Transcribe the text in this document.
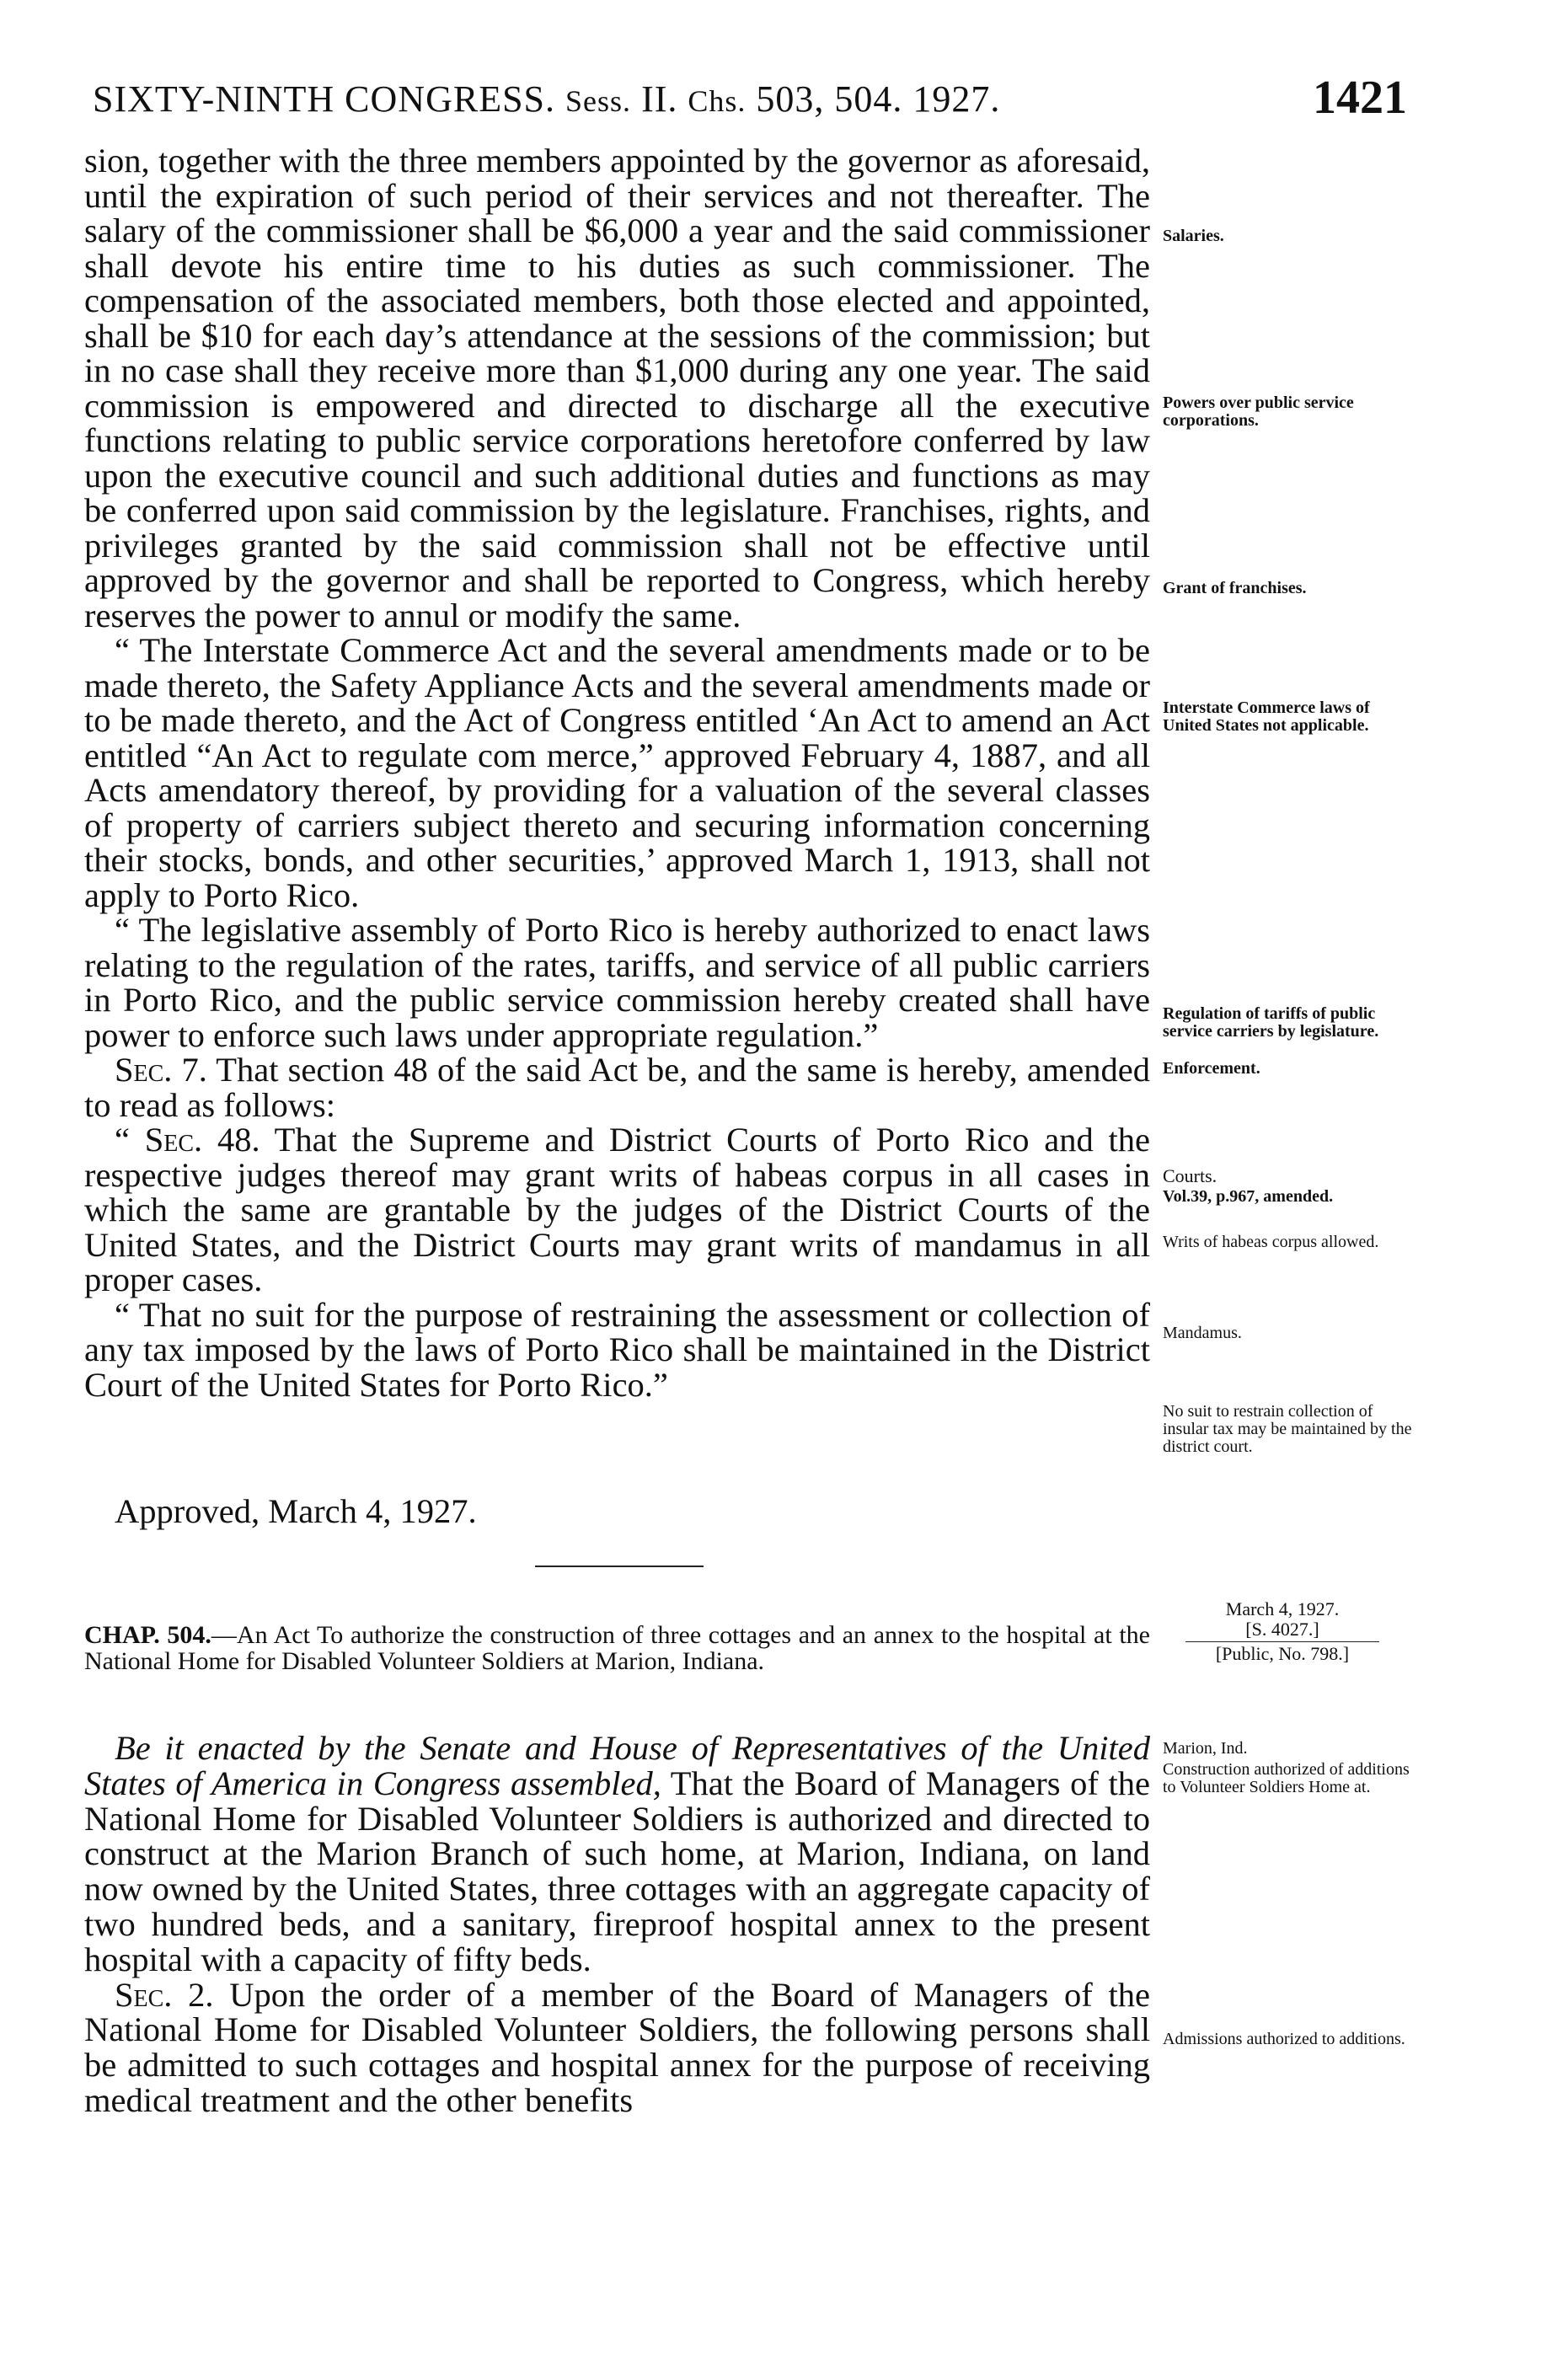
SIXTY-NINTH CONGRESS. Sess. II. Chs. 503, 504. 1927.	1421

sion, together with the three members appointed by the governor as aforesaid, until the expiration of such period of their services and not thereafter. The salary of the commissioner shall be $6,000 a year and the said commissioner shall devote his entire time to his duties as such commissioner. The compensation of the associated members, both those elected and appointed, shall be $10 for each day’s attendance at the sessions of the commission; but in no case shall they receive more than $1,000 during any one year. The said commission is empowered and directed to discharge all the executive functions relating to public service corporations heretofore conferred by law upon the executive council and such additional duties and functions as may be conferred upon said commission by the legislature. Franchises, rights, and privileges granted by the said commission shall not be effective until approved by the governor and shall be reported to Congress, which hereby reserves the power to annul or modify the same.

“ The Interstate Commerce Act and the several amendments made or to be made thereto, the Safety Appliance Acts and the several amendments made or to be made thereto, and the Act of Congress entitled ‘An Act to amend an Act entitled “An Act to regulate com merce,” approved February 4, 1887, and all Acts amendatory thereof, by providing for a valuation of the several classes of property of carriers subject thereto and securing information concerning their stocks, bonds, and other securities,’ approved March 1, 1913, shall not apply to Porto Rico.

“ The legislative assembly of Porto Rico is hereby authorized to enact laws relating to the regulation of the rates, tariffs, and service of all public carriers in Porto Rico, and the public service commission hereby created shall have power to enforce such laws under appropriate regulation.”

Sec. 7. That section 48 of the said Act be, and the same is hereby, amended to read as follows:

“ Sec. 48. That the Supreme and District Courts of Porto Rico and the respective judges thereof may grant writs of habeas corpus in all cases in which the same are grantable by the judges of the District Courts of the United States, and the District Courts may grant writs of mandamus in all proper cases.

“ That no suit for the purpose of restraining the assessment or collection of any tax imposed by the laws of Porto Rico shall be maintained in the District Court of the United States for Porto Rico.”

Approved, March 4, 1927.
Salaries.
Powers over public service corporations.
Grant of franchises.
Interstate Commerce laws of United States not applicable.
Regulation of tariffs of public service carriers by legislature.
Enforcement.
Courts.
Vol.39, p.967, amended.
Writs of habeas corpus allowed.
Mandamus.
No suit to restrain collection of insular tax may be maintained by the district court.
March 4, 1927.
[S. 4027.]
[Public, No. 798.]
CHAP. 504.—An Act To authorize the construction of three cottages and an annex to the hospital at the National Home for Disabled Volunteer Soldiers at Marion, Indiana.

Be it enacted by the Senate and House of Representatives of the United States of America in Congress assembled, That the Board of Managers of the National Home for Disabled Volunteer Soldiers is authorized and directed to construct at the Marion Branch of such home, at Marion, Indiana, on land now owned by the United States, three cottages with an aggregate capacity of two hundred beds, and a sanitary, fireproof hospital annex to the present hospital with a capacity of fifty beds.

Sec. 2. Upon the order of a member of the Board of Managers of the National Home for Disabled Volunteer Soldiers, the following persons shall be admitted to such cottages and hospital annex for the purpose of receiving medical treatment and the other benefits

Marion, Ind.
Construction authorized of additions to Volunteer Soldiers Home at.
Admissions authorized to additions.
